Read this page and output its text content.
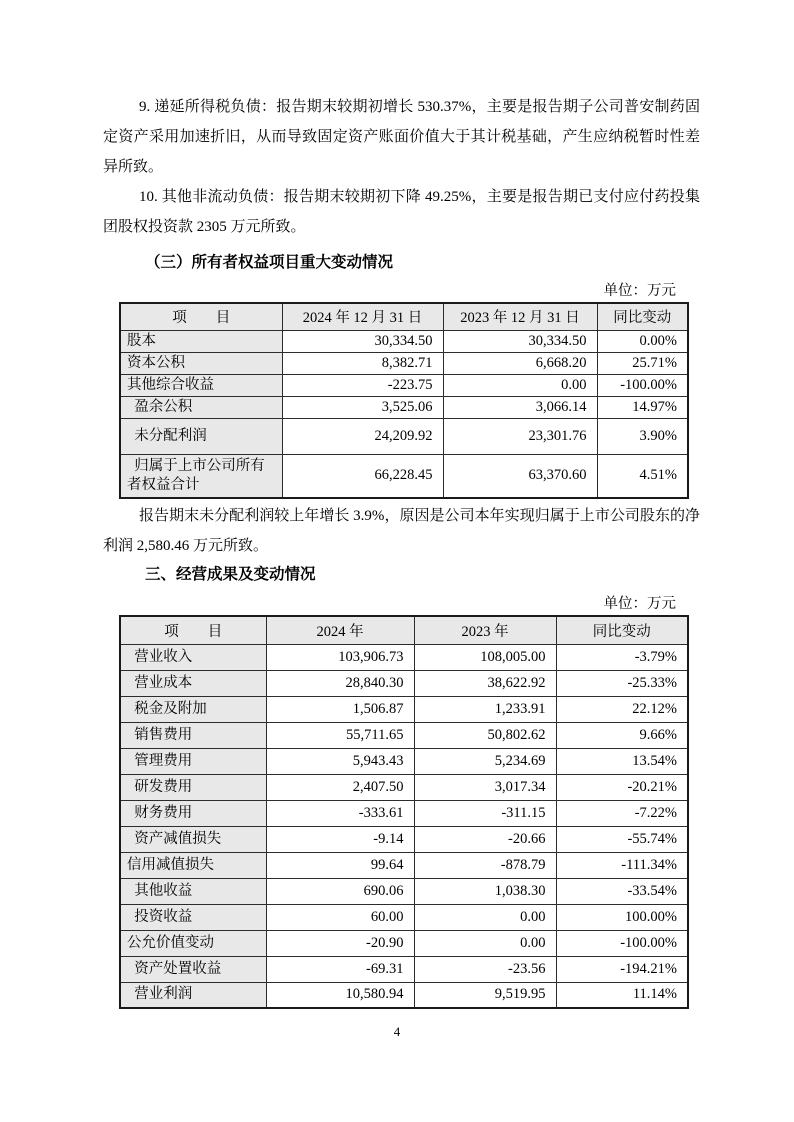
9. 递延所得税负债：报告期末较期初增长 530.37%，主要是报告期子公司普安制药固定资产采用加速折旧，从而导致固定资产账面价值大于其计税基础，产生应纳税暂时性差异所致。

10. 其他非流动负债：报告期末较期初下降 49.25%，主要是报告期已支付应付药投集团股权投资款 2305 万元所致。

（三）所有者权益项目重大变动情况
单位：万元
项　　目	2024 年 12 月 31 日	2023 年 12 月 31 日	同比变动
股本	30,334.50	30,334.50	0.00%
资本公积	8,382.71	6,668.20	25.71%
其他综合收益	-223.75	0.00	-100.00%
 盈余公积	3,525.06	3,066.14	14.97%
 未分配利润	24,209.92	23,301.76	3.90%
 归属于上市公司所有者权益合计	66,228.45	63,370.60	4.51%

报告期末未分配利润较上年增长 3.9%，原因是公司本年实现归属于上市公司股东的净利润 2,580.46 万元所致。

三、经营成果及变动情况
单位：万元
项　　目	2024 年	2023 年	同比变动
 营业收入	103,906.73	108,005.00	-3.79%
 营业成本	28,840.30	38,622.92	-25.33%
 税金及附加	1,506.87	1,233.91	22.12%
 销售费用	55,711.65	50,802.62	9.66%
 管理费用	5,943.43	5,234.69	13.54%
 研发费用	2,407.50	3,017.34	-20.21%
 财务费用	-333.61	-311.15	-7.22%
 资产减值损失	-9.14	-20.66	-55.74%
信用减值损失	99.64	-878.79	-111.34%
 其他收益	690.06	1,038.30	-33.54%
 投资收益	60.00	0.00	100.00%
公允价值变动	-20.90	0.00	-100.00%
 资产处置收益	-69.31	-23.56	-194.21%
 营业利润	10,580.94	9,519.95	11.14%
4
